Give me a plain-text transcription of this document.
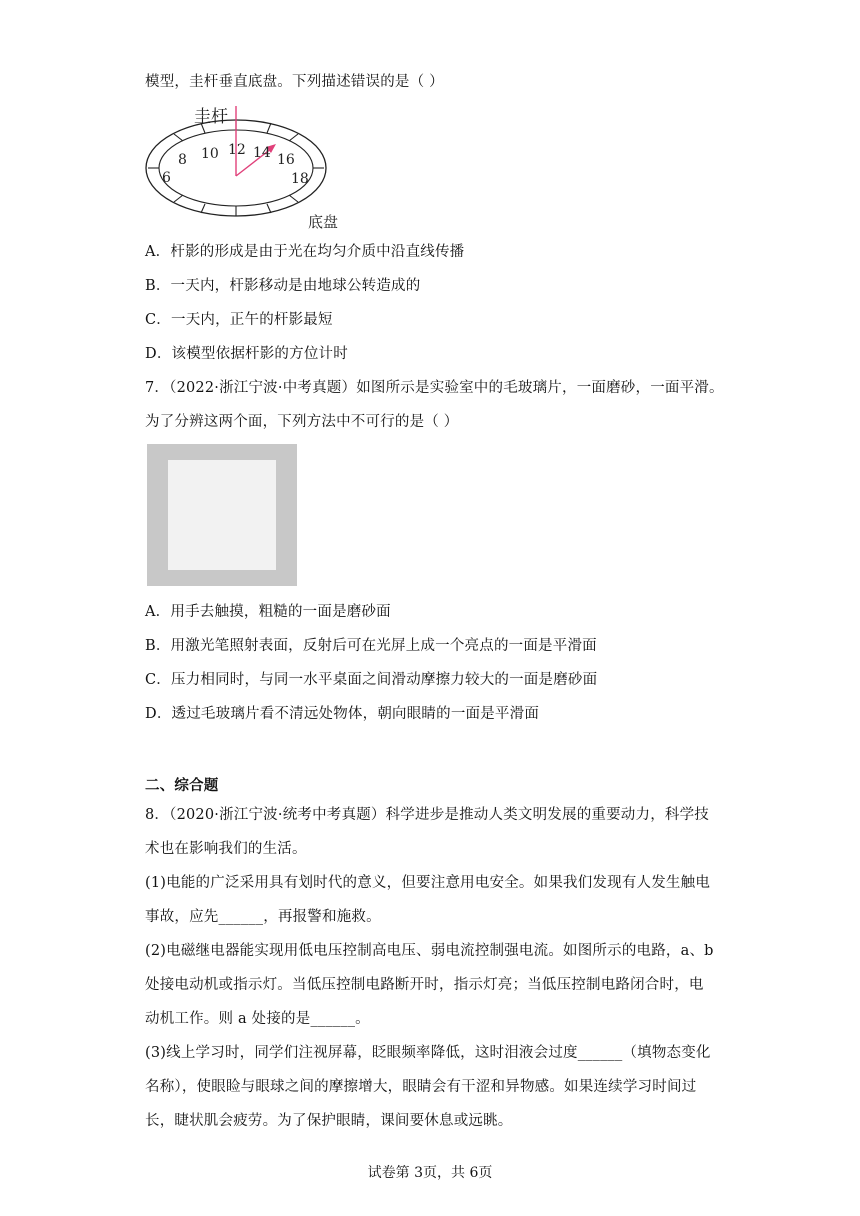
模型，圭杆垂直底盘。下列描述错误的是（ ）
圭杆
底盘
6
8 10 12 14 16
18
A．杆影的形成是由于光在均匀介质中沿直线传播
B．一天内，杆影移动是由地球公转造成的
C．一天内，正午的杆影最短
D．该模型依据杆影的方位计时
7．（2022·浙江宁波·中考真题）如图所示是实验室中的毛玻璃片，一面磨砂，一面平滑。
为了分辨这两个面，下列方法中不可行的是（ ）
A．用手去触摸，粗糙的一面是磨砂面
B．用激光笔照射表面，反射后可在光屏上成一个亮点的一面是平滑面
C．压力相同时，与同一水平桌面之间滑动摩擦力较大的一面是磨砂面
D．透过毛玻璃片看不清远处物体，朝向眼睛的一面是平滑面
二、综合题
8．（2020·浙江宁波·统考中考真题）科学进步是推动人类文明发展的重要动力，科学技
术也在影响我们的生活。
(1)电能的广泛采用具有划时代的意义，但要注意用电安全。如果我们发现有人发生触电
事故，应先______，再报警和施救。
(2)电磁继电器能实现用低电压控制高电压、弱电流控制强电流。如图所示的电路，a、b
处接电动机或指示灯。当低压控制电路断开时，指示灯亮；当低压控制电路闭合时，电
动机工作。则 a 处接的是______。
(3)线上学习时，同学们注视屏幕，眨眼频率降低，这时泪液会过度______（填物态变化
名称），使眼睑与眼球之间的摩擦增大，眼睛会有干涩和异物感。如果连续学习时间过
长，睫状肌会疲劳。为了保护眼睛，课间要休息或远眺。
试卷第 3页，共 6页
